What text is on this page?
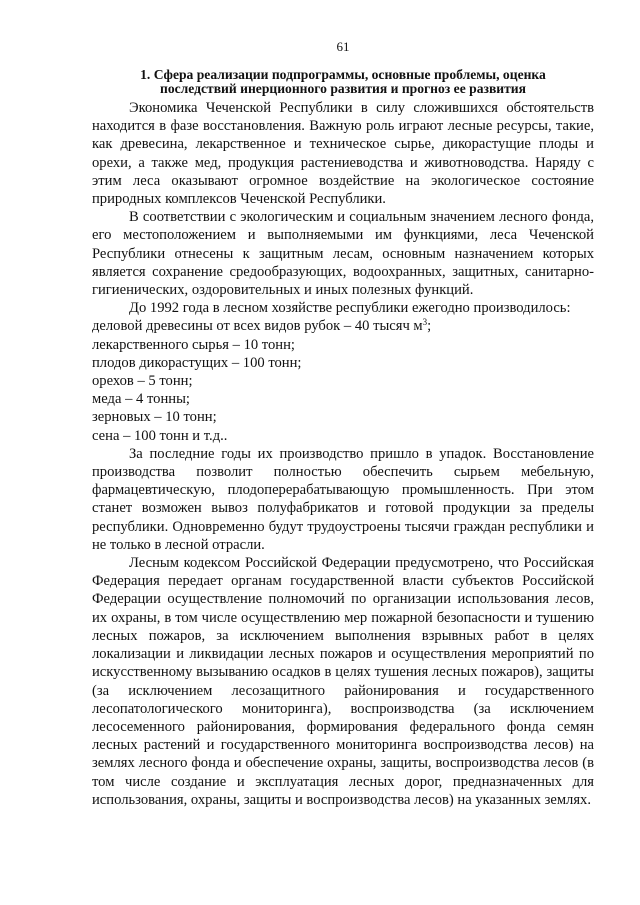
61
1. Сфера реализации подпрограммы, основные проблемы, оценка
последствий инерционного развития и прогноз ее развития

Экономика Чеченской Республики в силу сложившихся обстоятельств находится в фазе восстановления. Важную роль играют лесные ресурсы, такие, как древесина, лекарственное и техническое сырье, дикорастущие плоды и орехи, а также мед, продукция растениеводства и животноводства. Наряду с этим леса оказывают огромное воздействие на экологическое состояние природных комплексов Чеченской Республики.

В соответствии с экологическим и социальным значением лесного фонда, его местоположением и выполняемыми им функциями, леса Чеченской Республики отнесены к защитным лесам, основным назначением которых является сохранение средообразующих, водоохранных, защитных, санитарно-гигиенических, оздоровительных и иных полезных функций.

До 1992 года в лесном хозяйстве республики ежегодно производилось:

деловой древесины от всех видов рубок – 40 тысяч $м^3$;
лекарственного сырья – 10 тонн;
плодов дикорастущих – 100 тонн;
орехов – 5 тонн;
меда – 4 тонны;
зерновых – 10 тонн;
сена – 100 тонн и т.д..

За последние годы их производство пришло в упадок. Восстановление производства позволит полностью обеспечить сырьем мебельную, фармацевтическую, плодоперерабатывающую промышленность. При этом станет возможен вывоз полуфабрикатов и готовой продукции за пределы республики. Одновременно будут трудоустроены тысячи граждан республики и не только в лесной отрасли.

Лесным кодексом Российской Федерации предусмотрено, что Российская Федерация передает органам государственной власти субъектов Российской Федерации осуществление полномочий по организации использования лесов, их охраны, в том числе осуществлению мер пожарной безопасности и тушению лесных пожаров, за исключением выполнения взрывных работ в целях локализации и ликвидации лесных пожаров и осуществления мероприятий по искусственному вызыванию осадков в целях тушения лесных пожаров), защиты (за исключением лесозащитного районирования и государственного лесопатологического мониторинга), воспроизводства (за исключением лесосеменного районирования, формирования федерального фонда семян лесных растений и государственного мониторинга воспроизводства лесов) на землях лесного фонда и обеспечение охраны, защиты, воспроизводства лесов (в том числе создание и эксплуатация лесных дорог, предназначенных для использования, охраны, защиты и воспроизводства лесов) на указанных землях.
